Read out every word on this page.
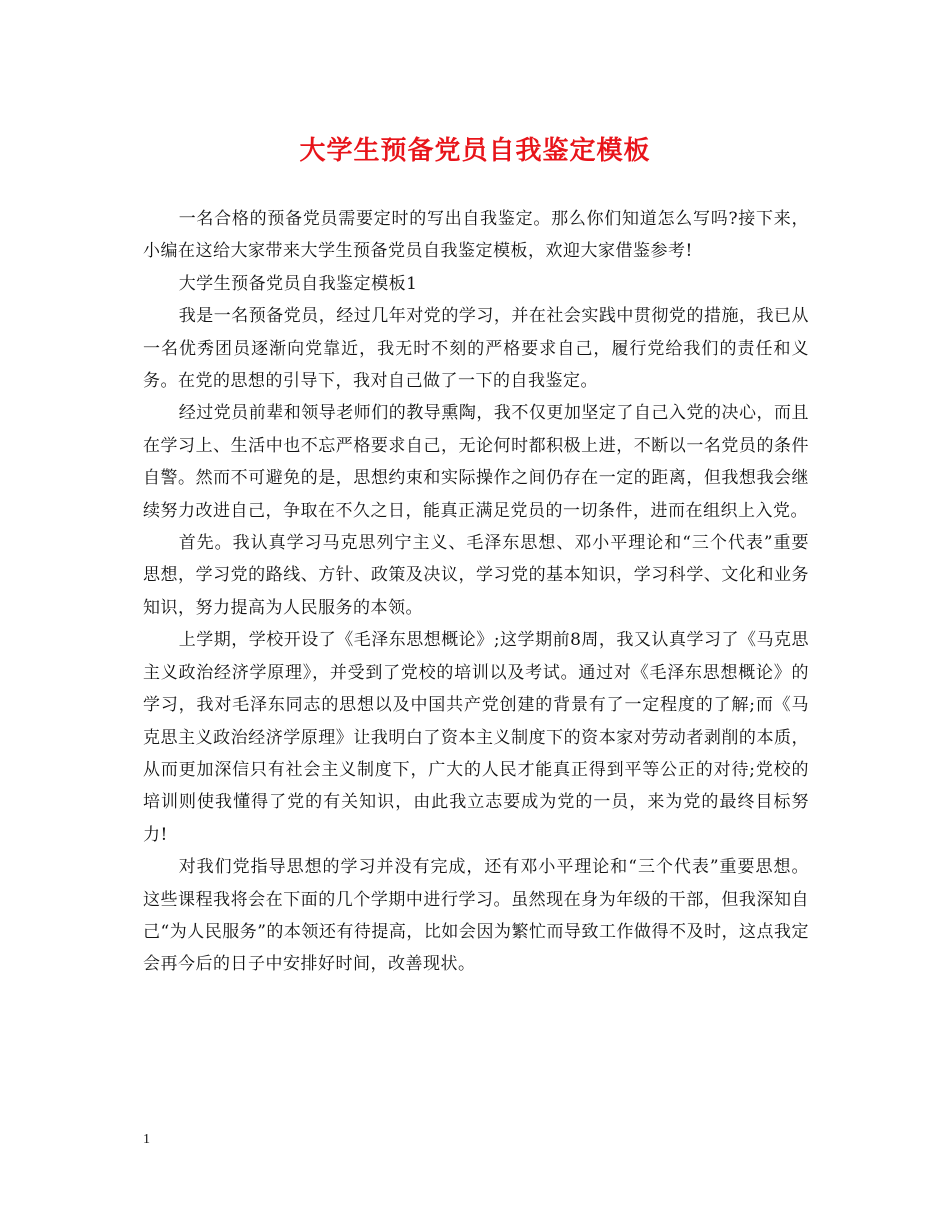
大学生预备党员自我鉴定模板

一名合格的预备党员需要定时的写出自我鉴定。那么你们知道怎么写吗?接下来，小编在这给大家带来大学生预备党员自我鉴定模板，欢迎大家借鉴参考!

大学生预备党员自我鉴定模板1

我是一名预备党员，经过几年对党的学习，并在社会实践中贯彻党的措施，我已从一名优秀团员逐渐向党靠近，我无时不刻的严格要求自己，履行党给我们的责任和义务。在党的思想的引导下，我对自己做了一下的自我鉴定。

经过党员前辈和领导老师们的教导熏陶，我不仅更加坚定了自己入党的决心，而且在学习上、生活中也不忘严格要求自己，无论何时都积极上进，不断以一名党员的条件自警。然而不可避免的是，思想约束和实际操作之间仍存在一定的距离，但我想我会继续努力改进自己，争取在不久之日，能真正满足党员的一切条件，进而在组织上入党。

首先。我认真学习马克思列宁主义、毛泽东思想、邓小平理论和“三个代表”重要思想，学习党的路线、方针、政策及决议，学习党的基本知识，学习科学、文化和业务知识，努力提高为人民服务的本领。

上学期，学校开设了《毛泽东思想概论》;这学期前8周，我又认真学习了《马克思主义政治经济学原理》，并受到了党校的培训以及考试。通过对《毛泽东思想概论》的学习，我对毛泽东同志的思想以及中国共产党创建的背景有了一定程度的了解;而《马克思主义政治经济学原理》让我明白了资本主义制度下的资本家对劳动者剥削的本质，从而更加深信只有社会主义制度下，广大的人民才能真正得到平等公正的对待;党校的培训则使我懂得了党的有关知识，由此我立志要成为党的一员，来为党的最终目标努力!

对我们党指导思想的学习并没有完成，还有邓小平理论和“三个代表”重要思想。这些课程我将会在下面的几个学期中进行学习。虽然现在身为年级的干部，但我深知自己“为人民服务”的本领还有待提高，比如会因为繁忙而导致工作做得不及时，这点我定会再今后的日子中安排好时间，改善现状。

1
